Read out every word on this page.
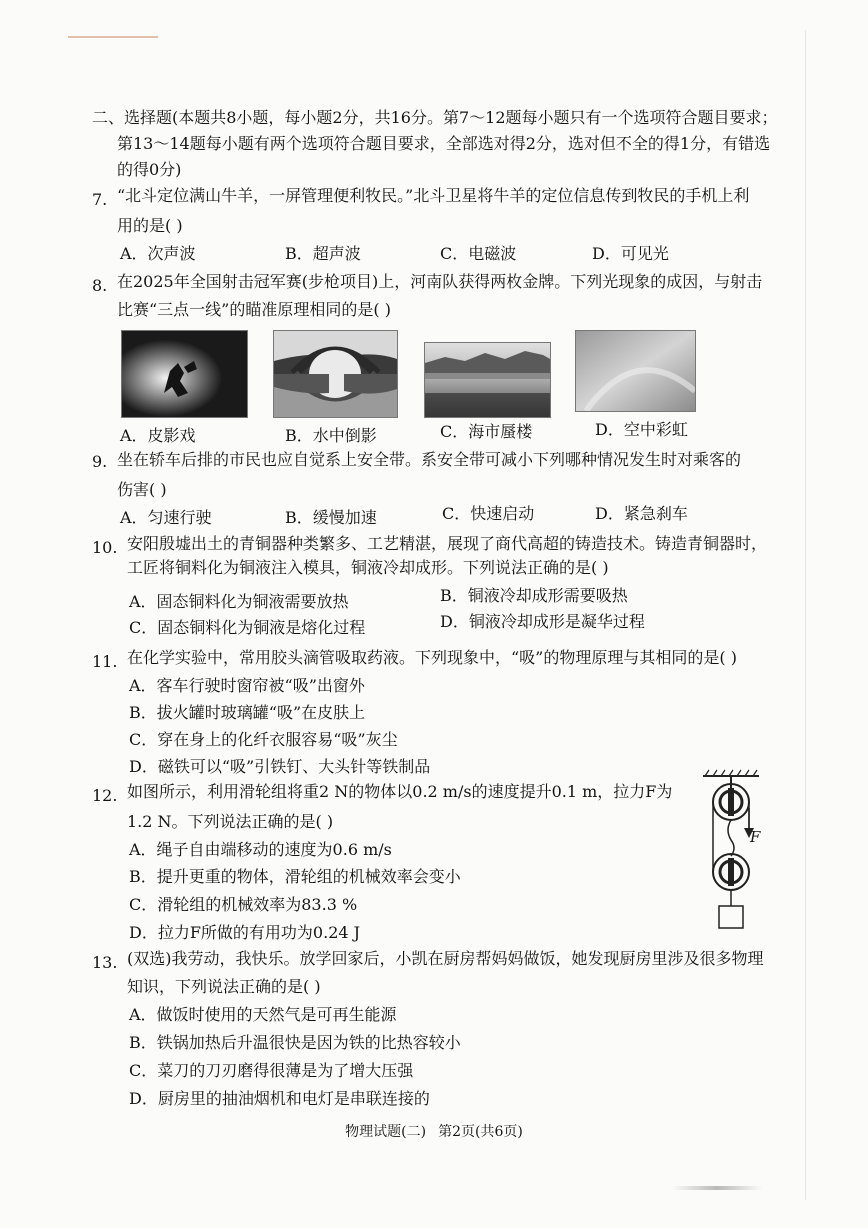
二、选择题(本题共8小题，每小题2分，共16分。第7～12题每小题只有一个选项符合题目要求；
第13～14题每小题有两个选项符合题目要求，全部选对得2分，选对但不全的得1分，有错选
的得0分)
7. “北斗定位满山牛羊，一屏管理便利牧民。”北斗卫星将牛羊的定位信息传到牧民的手机上利
用的是( )
A．次声波	B．超声波	C．电磁波	D．可见光
8. 在2025年全国射击冠军赛(步枪项目)上，河南队获得两枚金牌。下列光现象的成因，与射击
比赛“三点一线”的瞄准原理相同的是( )
A．皮影戏	B．水中倒影	C．海市蜃楼	D．空中彩虹
9. 坐在轿车后排的市民也应自觉系上安全带。系安全带可减小下列哪种情况发生时对乘客的
伤害( )
A．匀速行驶	B．缓慢加速	C．快速启动	D．紧急刹车
10. 安阳殷墟出土的青铜器种类繁多、工艺精湛，展现了商代高超的铸造技术。铸造青铜器时，
工匠将铜料化为铜液注入模具，铜液冷却成形。下列说法正确的是( )
A．固态铜料化为铜液需要放热	B．铜液冷却成形需要吸热
C．固态铜料化为铜液是熔化过程	D．铜液冷却成形是凝华过程
11. 在化学实验中，常用胶头滴管吸取药液。下列现象中，“吸”的物理原理与其相同的是( )
A．客车行驶时窗帘被“吸”出窗外
B．拔火罐时玻璃罐“吸”在皮肤上
C．穿在身上的化纤衣服容易“吸”灰尘
D．磁铁可以“吸”引铁钉、大头针等铁制品
12. 如图所示，利用滑轮组将重2 N的物体以0.2 m/s的速度提升0.1 m，拉力F为
1.2 N。下列说法正确的是( )
A．绳子自由端移动的速度为0.6 m/s
B．提升更重的物体，滑轮组的机械效率会变小
C．滑轮组的机械效率为83.3 %
D．拉力F所做的有用功为0.24 J
F
13. (双选)我劳动，我快乐。放学回家后，小凯在厨房帮妈妈做饭，她发现厨房里涉及很多物理
知识，下列说法正确的是( )
A．做饭时使用的天然气是可再生能源
B．铁锅加热后升温很快是因为铁的比热容较小
C．菜刀的刀刃磨得很薄是为了增大压强
D．厨房里的抽油烟机和电灯是串联连接的
物理试题(二) 第2页(共6页)
